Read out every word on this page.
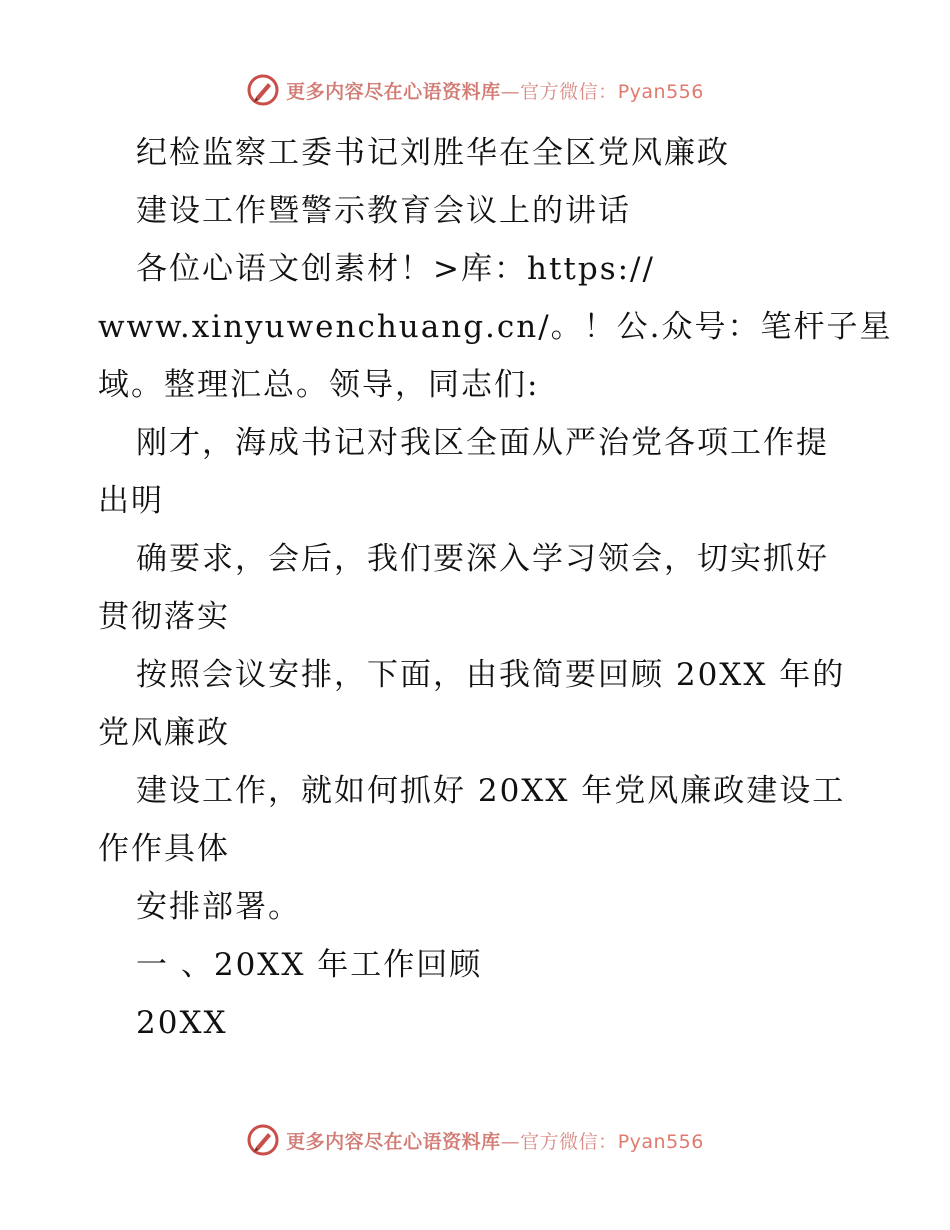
更多内容尽在心语资料库—官方微信：Pyan556
纪检监察工委书记刘胜华在全区党风廉政
建设工作暨警示教育会议上的讲话
各位心语文创素材！>库：https://
www.xinyuwenchuang.cn/。！公.众号：笔杆子星
域。整理汇总。领导，同志们:
刚才，海成书记对我区全面从严治党各项工作提
出明
确要求，会后，我们要深入学习领会，切实抓好
贯彻落实
按照会议安排，下面，由我简要回顾 20XX 年的
党风廉政
建设工作，就如何抓好 20XX 年党风廉政建设工
作作具体
安排部署。
一 、20XX 年工作回顾
20XX
更多内容尽在心语资料库—官方微信：Pyan556
